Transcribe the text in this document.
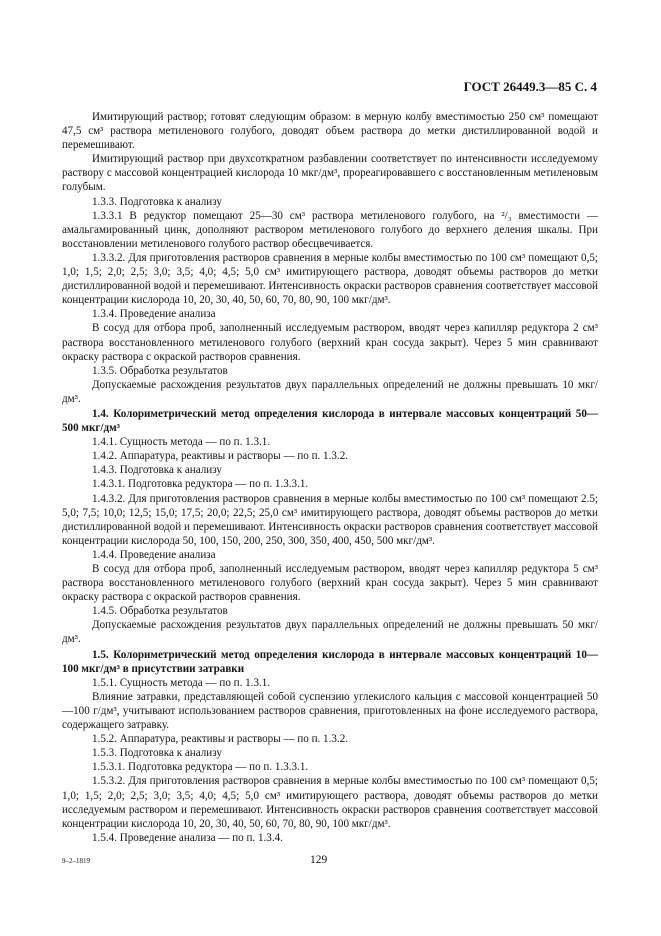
ГОСТ 26449.3—85 С. 4

Имитирующий раствор; готовят следующим образом: в мерную колбу вместимостью 250 см³ помещают 47,5 см³ раствора метиленового голубого, доводят объем раствора до метки дистиллированной водой и перемешивают.

Имитирующий раствор при двухсоткратном разбавлении соответствует по интенсивности исследуемому раствору с массовой концентрацией кислорода 10 мкг/дм³, прореагировавшего с восстановленным метиленовым голубым.

1.3.3. Подготовка к анализу

1.3.3.1 В редуктор помещают 25—30 см³ раствора метиленового голубого, на ²/₃ вместимости — амальгамированный цинк, дополняют раствором метиленового голубого до верхнего деления шкалы. При восстановлении метиленового голубого раствор обесцвечивается.

1.3.3.2. Для приготовления растворов сравнения в мерные колбы вместимостью по 100 см³ помещают 0,5; 1,0; 1,5; 2,0; 2,5; 3,0; 3,5; 4,0; 4,5; 5,0 см³ имитирующего раствора, доводят объемы растворов до метки дистиллированной водой и перемешивают. Интенсивность окраски растворов сравнения соответствует массовой концентрации кислорода 10, 20, 30, 40, 50, 60, 70, 80, 90, 100 мкг/дм³.

1.3.4. Проведение анализа

В сосуд для отбора проб, заполненный исследуемым раствором, вводят через капилляр редуктора 2 см³ раствора восстановленного метиленового голубого (верхний кран сосуда закрыт). Через 5 мин сравнивают окраску раствора с окраской растворов сравнения.

1.3.5. Обработка результатов

Допускаемые расхождения результатов двух параллельных определений не должны превышать 10 мкг/дм³.

1.4. Колориметрический метод определения кислорода в интервале массовых концентраций 50—500 мкг/дм³

1.4.1. Сущность метода — по п. 1.3.1.

1.4.2. Аппаратура, реактивы и растворы — по п. 1.3.2.

1.4.3. Подготовка к анализу

1.4.3.1. Подготовка редуктора — по п. 1.3.3.1.

1.4.3.2. Для приготовления растворов сравнения в мерные колбы вместимостью по 100 см³ помещают 2.5; 5,0; 7,5; 10,0; 12,5; 15,0; 17,5; 20,0; 22,5; 25,0 см³ имитирующего раствора, доводят объемы растворов до метки дистиллированной водой и перемешивают. Интенсивность окраски растворов сравнения соответствует массовой концентрации кислорода 50, 100, 150, 200, 250, 300, 350, 400, 450, 500 мкг/дм³.

1.4.4. Проведение анализа

В сосуд для отбора проб, заполненный исследуемым раствором, вводят через капилляр редуктора 5 см³ раствора восстановленного метиленового голубого (верхний кран сосуда закрыт). Через 5 мин сравнивают окраску раствора с окраской растворов сравнения.

1.4.5. Обработка результатов

Допускаемые расхождения результатов двух параллельных определений не должны превышать 50 мкг/дм³.

1.5. Колориметрический метод определения кислорода в интервале массовых концентраций 10—100 мкг/дм³ в присутствии затравки

1.5.1. Сущность метода — по п. 1.3.1.

Влияние затравки, представляющей собой суспензию углекислого кальция с массовой концентрацией 50—100 г/дм³, учитывают использованием растворов сравнения, приготовленных на фоне исследуемого раствора, содержащего затравку.

1.5.2. Аппаратура, реактивы и растворы — по п. 1.3.2.

1.5.3. Подготовка к анализу

1.5.3.1. Подготовка редуктора — по п. 1.3.3.1.

1.5.3.2. Для приготовления растворов сравнения в мерные колбы вместимостью по 100 см³ помещают 0,5; 1,0; 1,5; 2,0; 2,5; 3,0; 3,5; 4,0; 4,5; 5,0 см³ имитирующего раствора, доводят объемы растворов до метки исследуемым раствором и перемешивают. Интенсивность окраски растворов сравнения соответствует массовой концентрации кислорода 10, 20, 30, 40, 50, 60, 70, 80, 90, 100 мкг/дм³.

1.5.4. Проведение анализа — по п. 1.3.4.

9–2–1819	129
